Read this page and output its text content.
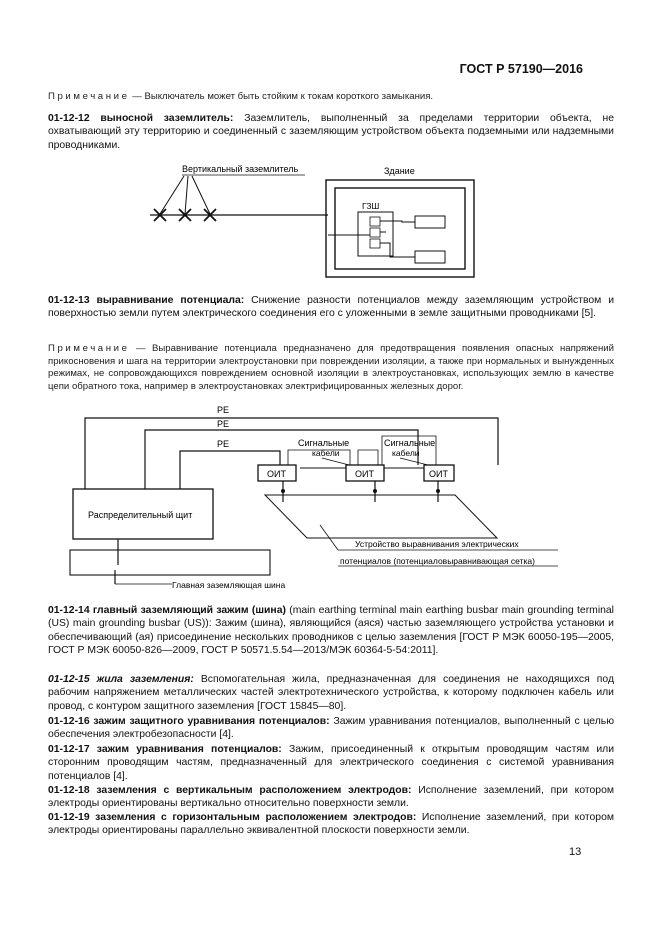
ГОСТ Р 57190—2016
Примечание — Выключатель может быть стойким к токам короткого замыкания.
01-12-12 выносной заземлитель: Заземлитель, выполненный за пределами территории объекта, не охватывающий эту территорию и соединенный с заземляющим устройством объекта подземными или надземными проводниками.
Вертикальный заземлитель	Здание
ГЗШ
01-12-13 выравнивание потенциала: Снижение разности потенциалов между заземляющим устройством и поверхностью земли путем электрического соединения его с уложенными в земле защитными проводниками [5].
Примечание — Выравнивание потенциала предназначено для предотвращения появления опасных напряжений прикосновения и шага на территории электроустановки при повреждении изоляции, а также при нормальных и вынужденных режимах, не сопровождающихся повреждением основной изоляции в электроустановках, использующих землю в качестве цепи обратного тока, например в электроустановках электрифицированных железных дорог.
PE
PE
PE	Сигнальные
кабели
Сигнальные
кабели
ОИТ	ОИТ	ОИТ
Устройство выравнивания электрических
потенциалов (потенциаловыравнивающая сетка)
Распределительный щит
Главная заземляющая шина
01-12-14 главный заземляющий зажим (шина) (main earthing terminal main earthing busbar main grounding terminal (US) main grounding busbar (US)): Зажим (шина), являющийся (аяся) частью заземляющего устройства установки и обеспечивающий (ая) присоединение нескольких проводников с целью заземления [ГОСТ Р МЭК 60050-195—2005, ГОСТ Р МЭК 60050-826—2009, ГОСТ Р 50571.5.54—2013/МЭК 60364-5-54:2011].
01-12-15 жила заземления: Вспомогательная жила, предназначенная для соединения не находящихся под рабочим напряжением металлических частей электротехнического устройства, к которому подключен кабель или провод, с контуром защитного заземления [ГОСТ 15845—80].
01-12-16 зажим защитного уравнивания потенциалов: Зажим уравнивания потенциалов, выполненный с целью обеспечения электробезопасности [4].
01-12-17 зажим уравнивания потенциалов: Зажим, присоединенный к открытым проводящим частям или сторонним проводящим частям, предназначенный для электрического соединения с системой уравнивания потенциалов [4].
01-12-18 заземления с вертикальным расположением электродов: Исполнение заземлений, при котором электроды ориентированы вертикально относительно поверхности земли.
01-12-19 заземления с горизонтальным расположением электродов: Исполнение заземлений, при котором электроды ориентированы параллельно эквивалентной плоскости поверхности земли.
13
